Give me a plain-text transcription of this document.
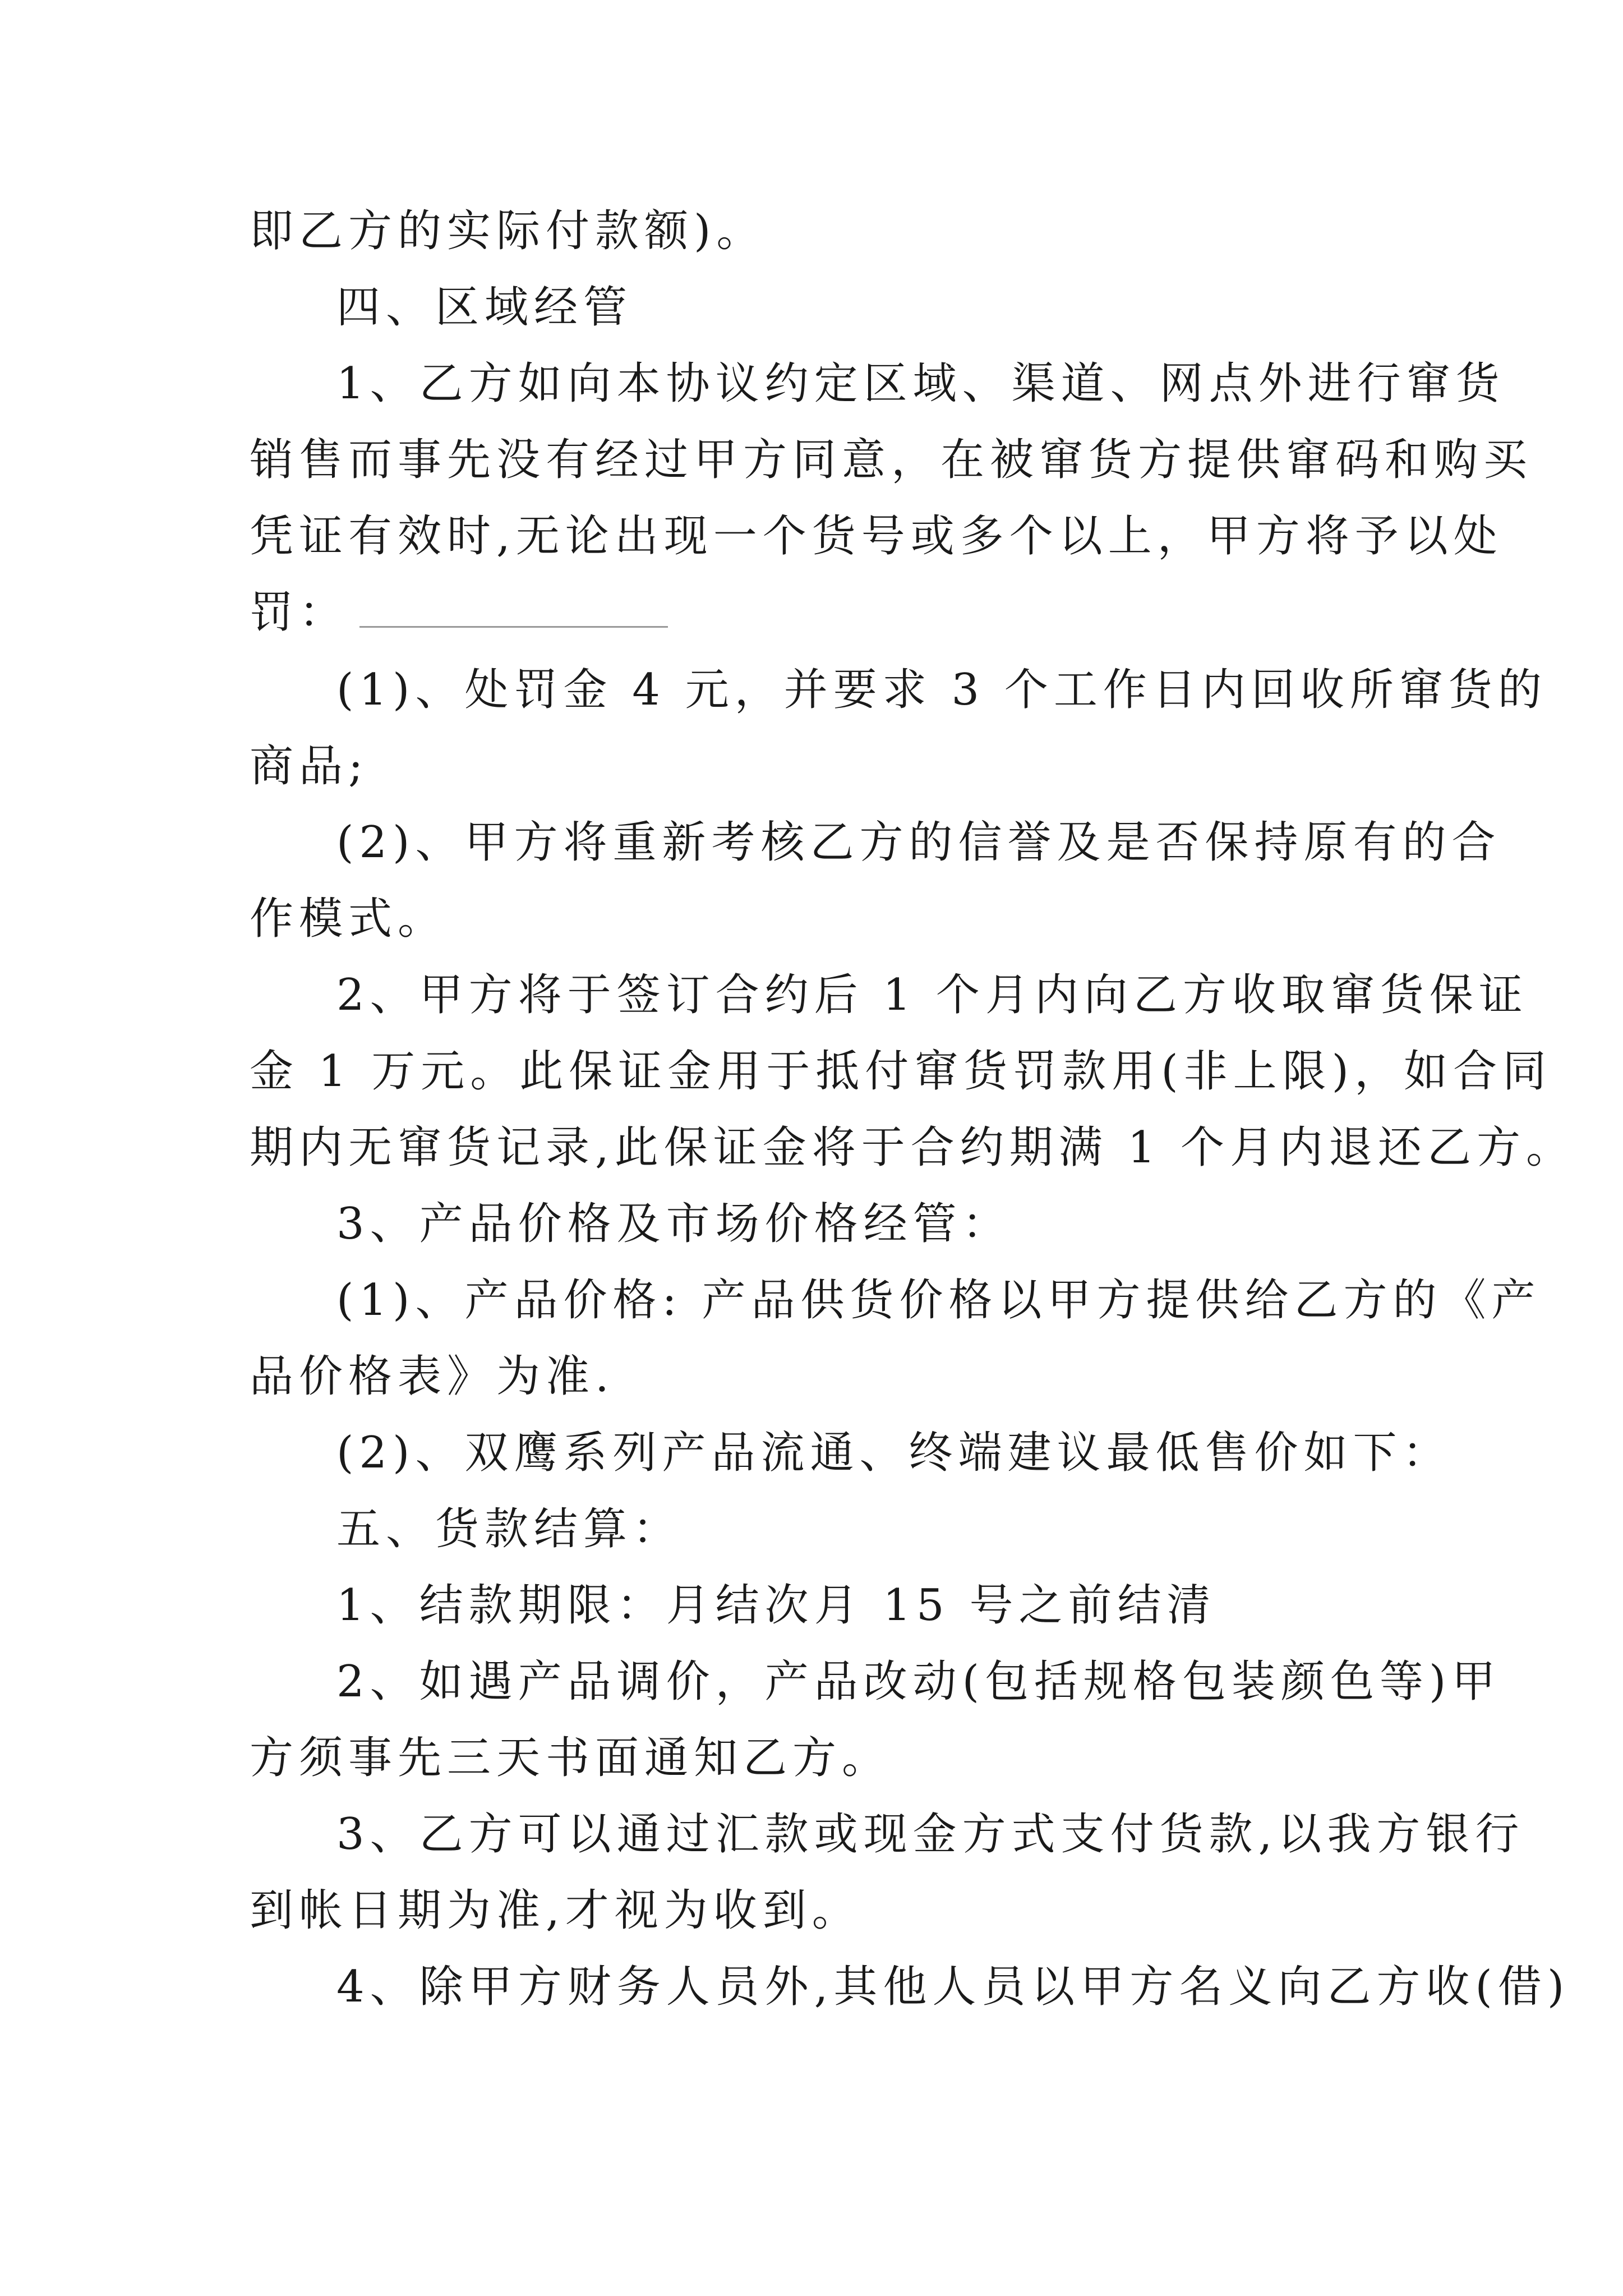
即乙方的实际付款额)。
四、区域经管
1、乙方如向本协议约定区域、渠道、网点外进行窜货
销售而事先没有经过甲方同意，在被窜货方提供窜码和购买
凭证有效时,无论出现一个货号或多个以上，甲方将予以处
罚：
(1)、处罚金 4 元，并要求 3 个工作日内回收所窜货的
商品;
(2)、甲方将重新考核乙方的信誉及是否保持原有的合
作模式。
2、甲方将于签订合约后 1 个月内向乙方收取窜货保证
金 1 万元。此保证金用于抵付窜货罚款用(非上限)，如合同
期内无窜货记录,此保证金将于合约期满 1 个月内退还乙方。
3、产品价格及市场价格经管：
(1)、产品价格: 产品供货价格以甲方提供给乙方的《产
品价格表》为准.
(2)、双鹰系列产品流通、终端建议最低售价如下：
五、货款结算：
1、结款期限：月结次月 15 号之前结清
2、如遇产品调价，产品改动(包括规格包装颜色等)甲
方须事先三天书面通知乙方。
3、乙方可以通过汇款或现金方式支付货款,以我方银行
到帐日期为准,才视为收到。
4、除甲方财务人员外,其他人员以甲方名义向乙方收(借)
